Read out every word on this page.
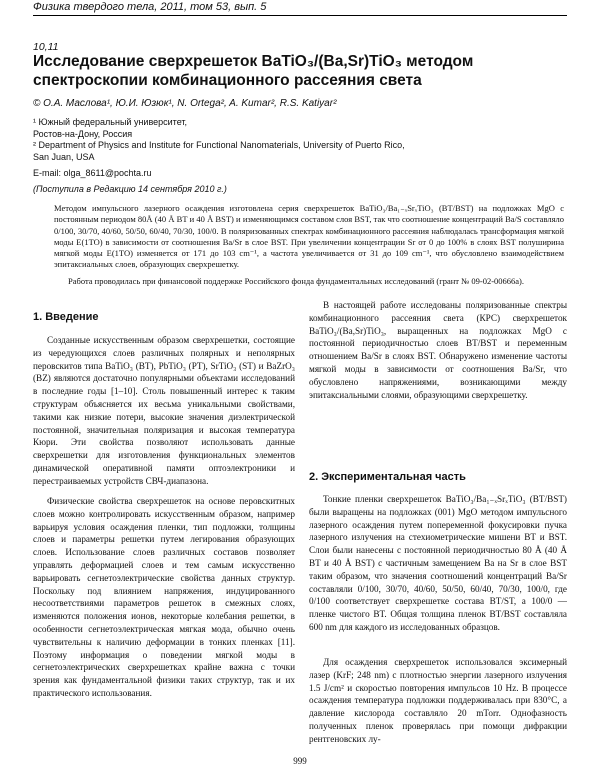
Физика твердого тела, 2011, том 53, вып. 5
10,11
Исследование сверхрешеток BaTiO₃/(Ba,Sr)TiO₃ методом
спектроскопии комбинационного рассеяния света
© О.А. Маслова¹, Ю.И. Юзюк¹, N. Ortega², A. Kumar², R.S. Katiyar²
¹ Южный федеральный университет,
Ростов-на-Дону, Россия
² Department of Physics and Institute for Functional Nanomaterials, University of Puerto Rico,
San Juan, USA
E-mail: olga_8611@pochta.ru
(Поступила в Редакцию 14 сентября 2010 г.)
Методом импульсного лазерного осаждения изготовлена серия сверхрешеток BaTiO₃/Ba₁₋ₓSrₓTiO₃ (BT/BST) на подложках MgO с постоянным периодом 80Å (40 Å BT и 40 Å BST) и изменяющимся составом слоя BST, так что соотношение концентраций Ba/S составляло 0/100, 30/70, 40/60, 50/50, 60/40, 70/30, 100/0. В поляризованных спектрах комбинационного рассеяния наблюдалась трансформация мягкой моды E(1TO) в зависимости от соотношения Ba/Sr в слое BST. При увеличении концентрации Sr от 0 до 100% в слоях BST полуширина мягкой моды E(1TO) изменяется от 171 до 103 cm⁻¹, а частота увеличивается от 31 до 109 cm⁻¹, что обусловлено взаимодействием эпитаксиальных слоев, образующих сверхрешетку.
Работа проводилась при финансовой поддержке Российского фонда фундаментальных исследований (грант № 09-02-00666а).
1. Введение

Созданные искусственным образом сверхрешетки, состоящие из чередующихся слоев различных полярных и неполярных перовскитов типа BaTiO₃ (BT), PbTiO₃ (PT), SrTiO₃ (ST) и BaZrO₃ (BZ) являются достаточно популярными объектами исследований в последние годы [1–10]. Столь повышенный интерес к таким структурам объясняется их весьма уникальными свойствами, такими как низкие потери, высокие значения диэлектрической постоянной, значительная поляризация и высокая температура Кюри. Эти свойства позволяют использовать данные сверхрешетки для изготовления функциональных элементов динамической оперативной памяти оптоэлектроники и перестраиваемых устройств СВЧ-диапазона.

Физические свойства сверхрешеток на основе перовскитных слоев можно контролировать искусственным образом, например варьируя условия осаждения пленки, тип подложки, толщины слоев и параметры решетки путем легирования образующих слоев. Использование слоев различных составов позволяет управлять деформацией слоев и тем самым искусственно варьировать сегнетоэлектрические свойства данных структур. Поскольку под влиянием напряжения, индуцированного несоответствиями параметров решеток в смежных слоях, изменяются положения ионов, некоторые колебания решетки, в особенности сегнетоэлектрическая мягкая мода, обычно очень чувствительны к наличию деформации в тонких пленках [11]. Поэтому информация о поведении мягкой моды в сегнетоэлектрических сверхрешетках крайне важна с точки зрения как фундаментальной физики таких структур, так и их практического использования.

В настоящей работе исследованы поляризованные спектры комбинационного рассеяния света (КРС) сверхрешеток BaTiO₃/(Ba,Sr)TiO₃, выращенных на подложках MgO с постоянной периодичностью слоев BT/BST и переменным отношением Ba/Sr в слоях BST. Обнаружено изменение частоты мягкой моды в зависимости от соотношения Ba/Sr, что обусловлено напряжениями, возникающими между эпитаксиальными слоями, образующими сверхрешетку.

2. Экспериментальная часть

Тонкие пленки сверхрешеток BaTiO₃/Ba₁₋ₓSrₓTiO₃ (BT/BST) были выращены на подложках (001) MgO методом импульсного лазерного осаждения путем попеременной фокусировки пучка лазерного излучения на стехиометрические мишени BT и BST. Слои были нанесены с постоянной периодичностью 80 Å (40 Å BT и 40 Å BST) с частичным замещением Ba на Sr в слое BST таким образом, что значения соотношений концентраций Ba/Sr составляли 0/100, 30/70, 40/60, 50/50, 60/40, 70/30, 100/0, где 0/100 соответствует сверхрешетке состава BT/ST, а 100/0 — пленке чистого BT. Общая толщина пленок BT/BST составляла 600 nm для каждого из исследованных образцов.

Для осаждения сверхрешеток использовался эксимерный лазер (KrF; 248 nm) с плотностью энергии лазерного излучения 1.5 J/cm² и скоростью повторения импульсов 10 Hz. В процессе осаждения температура подложки поддерживалась при 830°C, а давление кислорода составляло 20 mTorr. Однофазность полученных пленок проверялась при помощи дифракции рентгеновских лу-

999
